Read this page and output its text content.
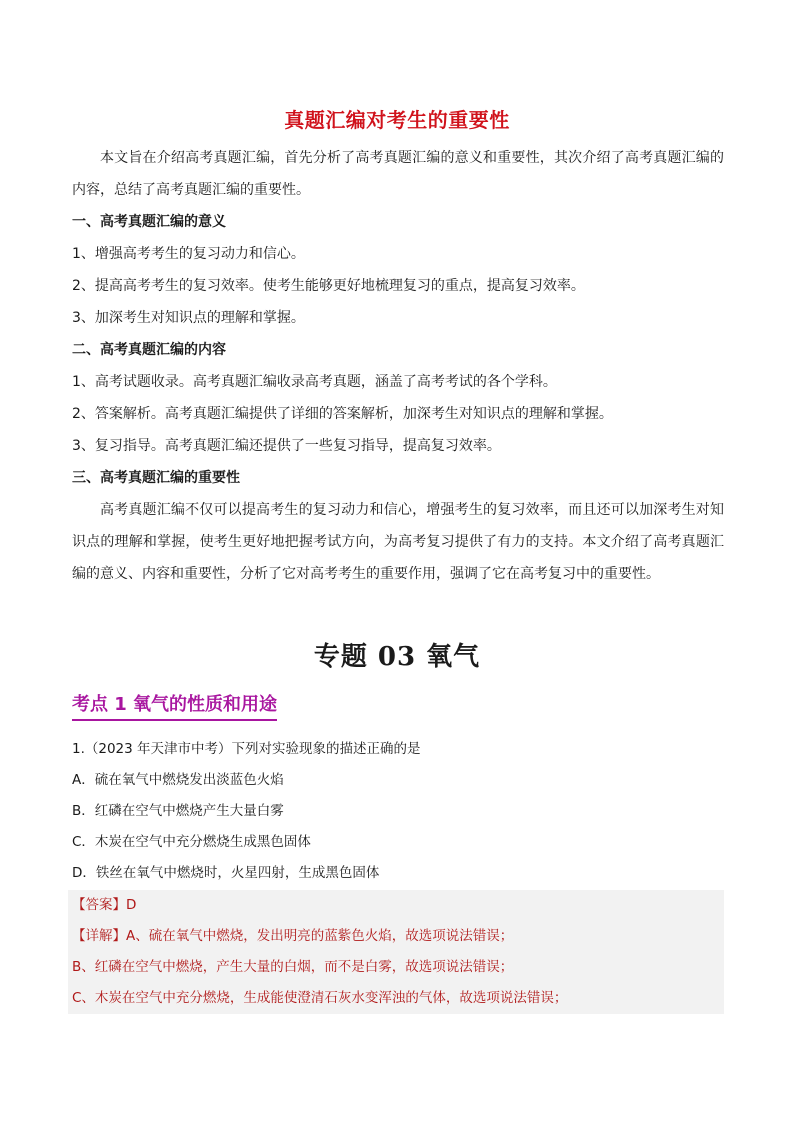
真题汇编对考生的重要性
本文旨在介绍高考真题汇编，首先分析了高考真题汇编的意义和重要性，其次介绍了高考真题汇编的内容，总结了高考真题汇编的重要性。
一、高考真题汇编的意义
1、增强高考考生的复习动力和信心。
2、提高高考考生的复习效率。使考生能够更好地梳理复习的重点，提高复习效率。
3、加深考生对知识点的理解和掌握。
二、高考真题汇编的内容
1、高考试题收录。高考真题汇编收录高考真题，涵盖了高考考试的各个学科。
2、答案解析。高考真题汇编提供了详细的答案解析，加深考生对知识点的理解和掌握。
3、复习指导。高考真题汇编还提供了一些复习指导，提高复习效率。
三、高考真题汇编的重要性
高考真题汇编不仅可以提高考生的复习动力和信心，增强考生的复习效率，而且还可以加深考生对知识点的理解和掌握，使考生更好地把握考试方向，为高考复习提供了有力的支持。本文介绍了高考真题汇编的意义、内容和重要性，分析了它对高考考生的重要作用，强调了它在高考复习中的重要性。
专题 03 氧气
考点 1 氧气的性质和用途
1.（2023 年天津市中考）下列对实验现象的描述正确的是
A．硫在氧气中燃烧发出淡蓝色火焰
B．红磷在空气中燃烧产生大量白雾
C．木炭在空气中充分燃烧生成黑色固体
D．铁丝在氧气中燃烧时，火星四射，生成黑色固体
【答案】D
【详解】A、硫在氧气中燃烧，发出明亮的蓝紫色火焰，故选项说法错误；
B、红磷在空气中燃烧，产生大量的白烟，而不是白雾，故选项说法错误；
C、木炭在空气中充分燃烧，生成能使澄清石灰水变浑浊的气体，故选项说法错误；
